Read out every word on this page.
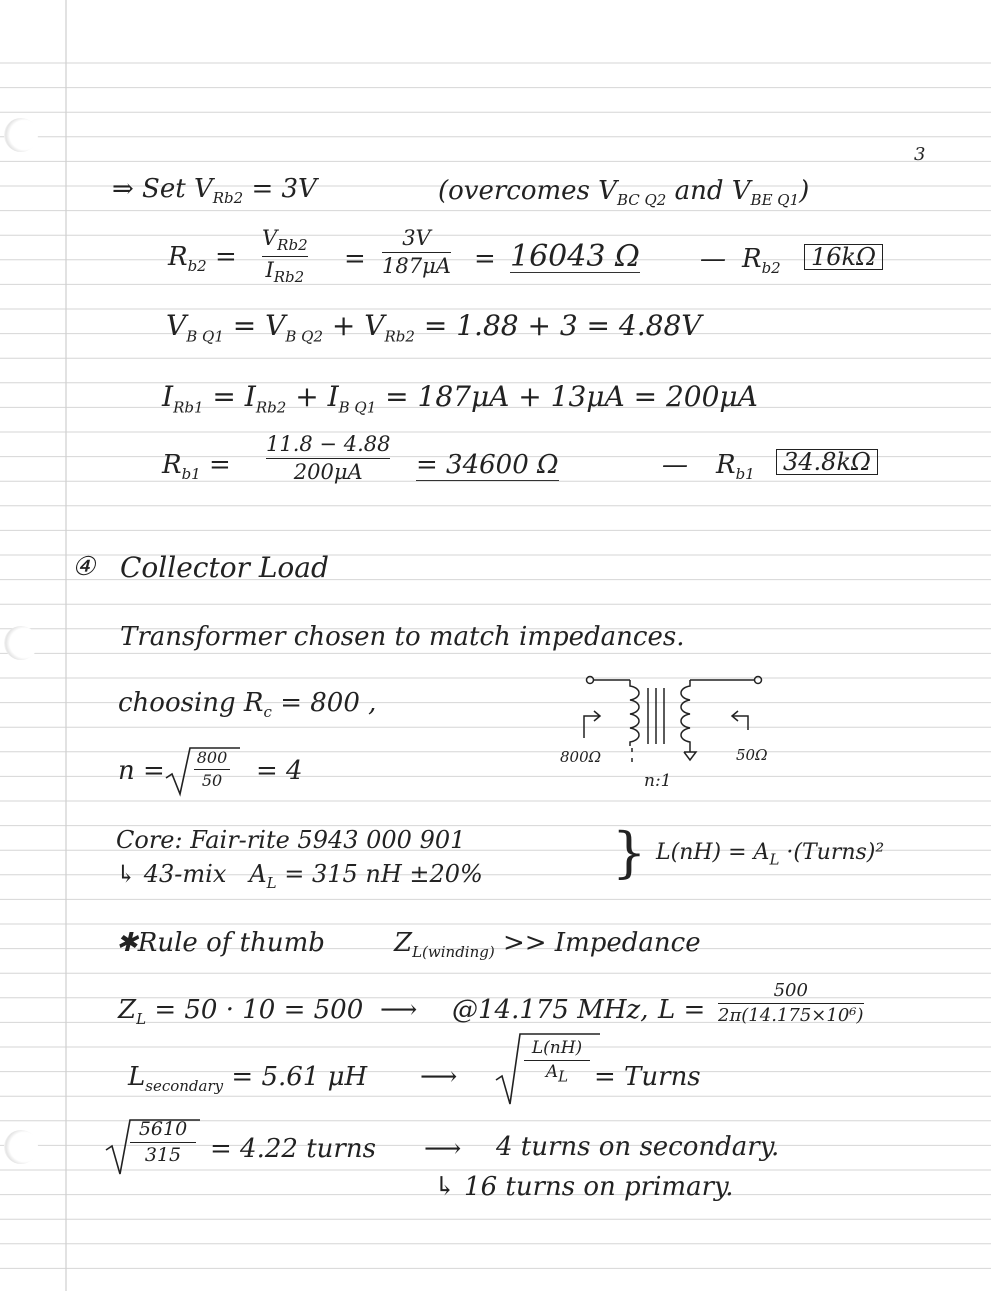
3
⇒ Set $V_{Rb2} = 3V$	(overcomes $V_{BC Q2}$ and $V_{BE Q1}$)
$R_{b2}$ =
$V_{Rb2}$
$I_{Rb2}$
=
3V
187μA = 16043 Ω — $R_{b2}$ 16kΩ
$V_{B Q1} = V_{B Q2} + V_{Rb2} = 1.88 + 3 = 4.88V$
$I_{Rb1} = I_{Rb2} + I_{B Q1} = 187\mu A + 13\mu A = 200\mu A$
$R_{b1}$ =
11.8 − 4.88
200μA	= 34600 Ω	— $R_{b1}$ 34.8kΩ
④ Collector Load
Transformer chosen to match impedances.
choosing $R_c = 800$ ,
n = 800
50	= 4	800Ω	50Ω
n:1
Core: Fair-rite 5943 000 901
↳ 43-mix $A_L = 315$ nH ±20% } $L(nH) = A_L$ ·(Turns)²
✱Rule of thumb	$Z_{L(winding)}$ >> Impedance
$Z_L = 50 \cdot 10 = 500$ ⟶ @14.175 MHz, L =
500
2π(14.175×10⁶)
$L_{secondary} = 5.61$ μH ⟶
L(nH)
$A_L$ = Turns
5610
315	= 4.22 turns ⟶ 4 turns on secondary.
↳ 16 turns on primary.
